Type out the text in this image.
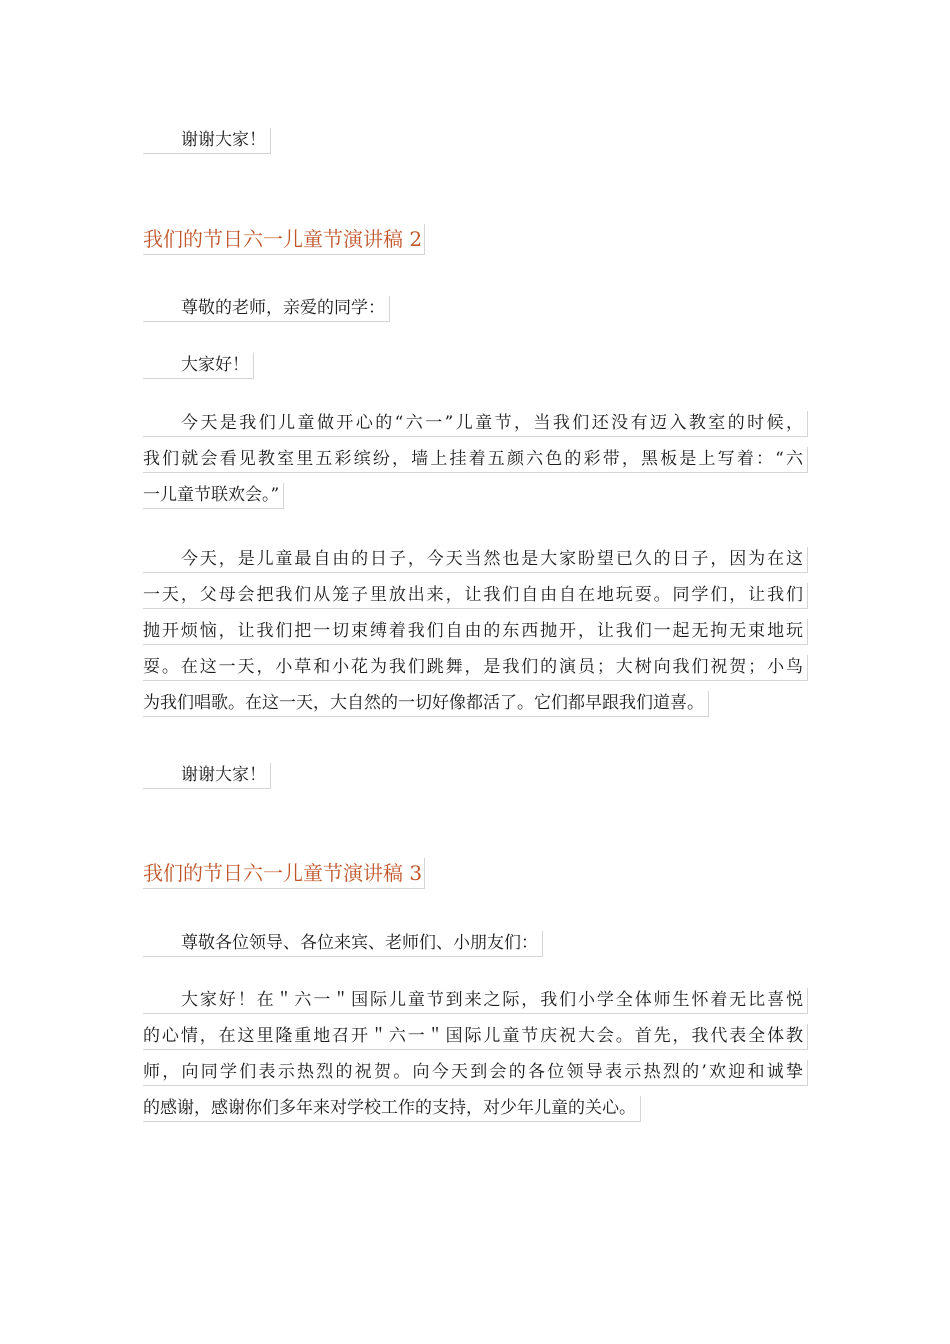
谢谢大家！
我们的节日六一儿童节演讲稿 2
尊敬的老师，亲爱的同学：
大家好！
今天是我们儿童做开心的“六一”儿童节，当我们还没有迈入教室的时候，
我们就会看见教室里五彩缤纷，墙上挂着五颜六色的彩带，黑板是上写着：“六
一儿童节联欢会。”
今天，是儿童最自由的日子，今天当然也是大家盼望已久的日子，因为在这
一天，父母会把我们从笼子里放出来，让我们自由自在地玩耍。同学们，让我们
抛开烦恼，让我们把一切束缚着我们自由的东西抛开，让我们一起无拘无束地玩
耍。在这一天，小草和小花为我们跳舞，是我们的演员；大树向我们祝贺；小鸟
为我们唱歌。在这一天，大自然的一切好像都活了。它们都早跟我们道喜。
谢谢大家！
我们的节日六一儿童节演讲稿 3
尊敬各位领导、各位来宾、老师们、小朋友们：
大家好！在＂六一＂国际儿童节到来之际，我们小学全体师生怀着无比喜悦
的心情，在这里隆重地召开＂六一＂国际儿童节庆祝大会。首先，我代表全体教
师，向同学们表示热烈的祝贺。向今天到会的各位领导表示热烈的’欢迎和诚挚
的感谢，感谢你们多年来对学校工作的支持，对少年儿童的关心。
